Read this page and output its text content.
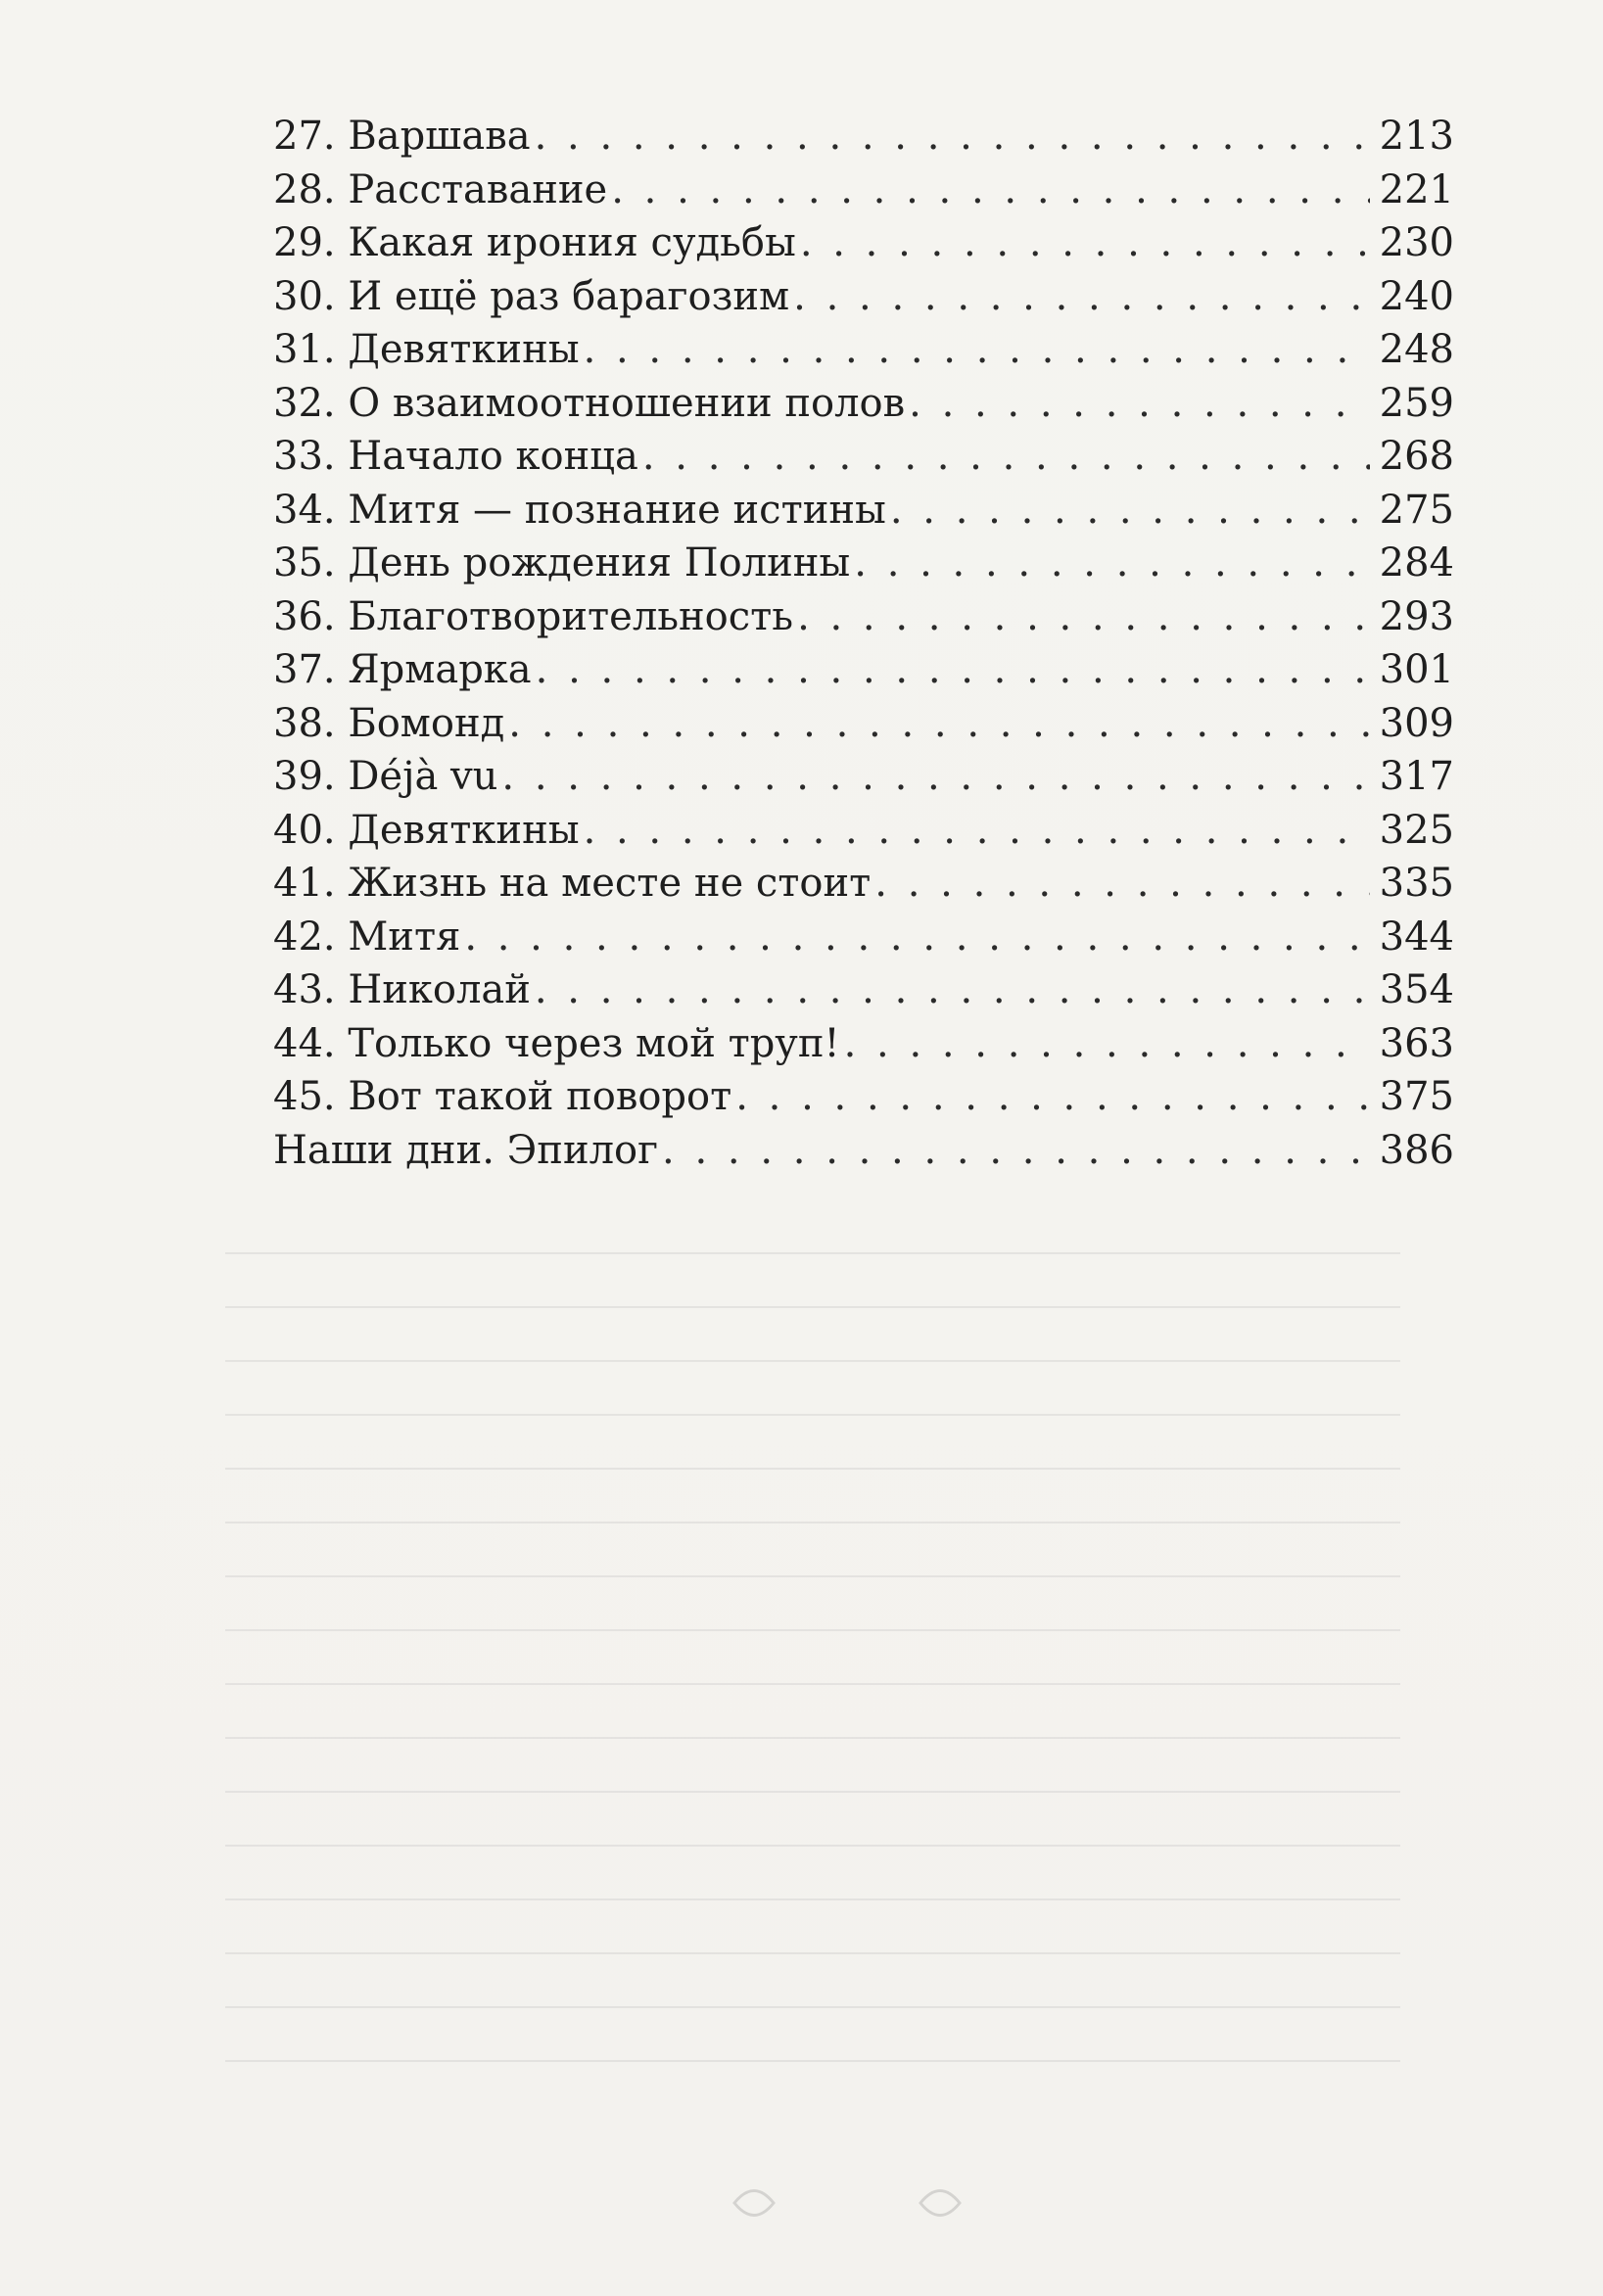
27. Варшава . . .	213
28. Расставание . . .	221
29. Какая ирония судьбы . . .	230
30. И ещё раз барагозим . . .	240
31. Девяткины . . .	248
32. О взаимоотношении полов . . .	259
33. Начало конца . . .	268
34. Митя — познание истины . . .	275
35. День рождения Полины . . .	284
36. Благотворительность . . .	293
37. Ярмарка . . .	301
38. Бомонд . . .	309
39. Déjà vu . . .	317
40. Девяткины . . .	325
41. Жизнь на месте не стоит . . .	335
42. Митя . . .	344
43. Николай . . .	354
44. Только через мой труп! . . .	363
45. Вот такой поворот . . .	375
Наши дни. Эпилог . . .	386
